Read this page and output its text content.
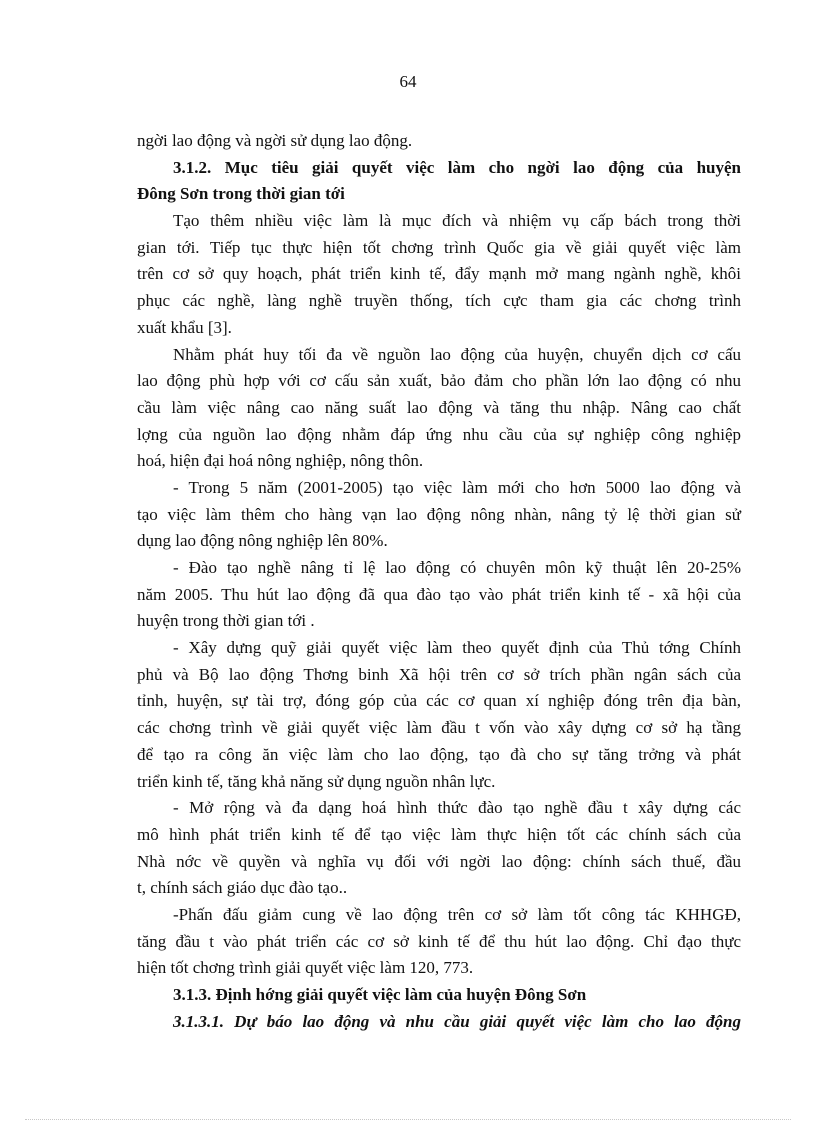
64
ngời lao động và ngời sử dụng lao động.
3.1.2. Mục tiêu giải quyết việc làm cho ngời lao động của huyện
Đông Sơn trong thời gian tới
Tạo thêm nhiều việc làm là mục đích và nhiệm vụ cấp bách trong thời
gian tới. Tiếp tục thực hiện tốt chơng trình Quốc gia về giải quyết việc làm
trên cơ sở quy hoạch, phát triển kinh tế, đẩy mạnh mở mang ngành nghề, khôi
phục các nghề, làng nghề truyền thống, tích cực tham gia các chơng trình
xuất khẩu [3].
Nhằm phát huy tối đa về nguồn lao động của huyện, chuyển dịch cơ cấu
lao động phù hợp với cơ cấu sản xuất, bảo đảm cho phần lớn lao động có nhu
cầu làm việc nâng cao năng suất lao động và tăng thu nhập. Nâng cao chất
lợng của nguồn lao động nhằm đáp ứng nhu cầu của sự nghiệp công nghiệp
hoá, hiện đại hoá nông nghiệp, nông thôn.
- Trong 5 năm (2001-2005) tạo việc làm mới cho hơn 5000 lao động và
tạo việc làm thêm cho hàng vạn lao động nông nhàn, nâng tỷ lệ thời gian sử
dụng lao động nông nghiệp lên 80%.
- Đào tạo nghề nâng tỉ lệ lao động có chuyên môn kỹ thuật lên 20-25%
năm 2005. Thu hút lao động đã qua đào tạo vào phát triển kinh tế - xã hội của
huyện trong thời gian tới .
- Xây dựng quỹ giải quyết việc làm theo quyết định của Thủ tớng Chính
phủ và Bộ lao động Thơng binh Xã hội trên cơ sở trích phần ngân sách của
tỉnh, huyện, sự tài trợ, đóng góp của các cơ quan xí nghiệp đóng trên địa bàn,
các chơng trình về giải quyết việc làm đầu t vốn vào xây dựng cơ sở hạ tầng
để tạo ra công ăn việc làm cho lao động, tạo đà cho sự tăng trởng và phát
triển kinh tế, tăng khả năng sử dụng nguồn nhân lực.
- Mở rộng và đa dạng hoá hình thức đào tạo nghề đầu t xây dựng các
mô hình phát triển kinh tế để tạo việc làm thực hiện tốt các chính sách của
Nhà nớc về quyền và nghĩa vụ đối với ngời lao động: chính sách thuế, đầu
t, chính sách giáo dục đào tạo..
-Phấn đấu giảm cung về lao động trên cơ sở làm tốt công tác KHHGĐ,
tăng đầu t vào phát triển các cơ sở kinh tế để thu hút lao động. Chỉ đạo thực
hiện tốt chơng trình giải quyết việc làm 120, 773.
3.1.3. Định hớng giải quyết việc làm của huyện Đông Sơn
3.1.3.1. Dự báo lao động và nhu cầu giải quyết việc làm cho lao động
